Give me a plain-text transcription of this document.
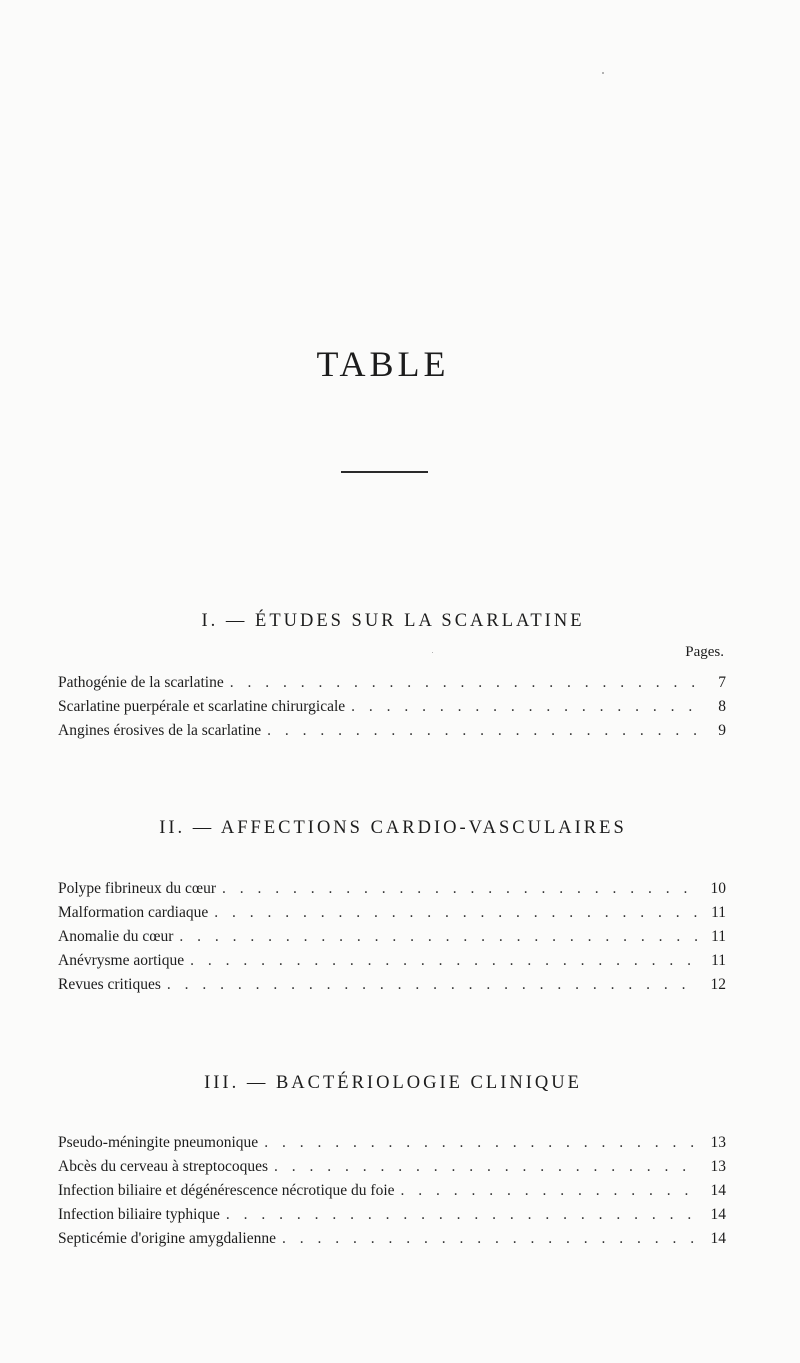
TABLE
I. — ÉTUDES SUR LA SCARLATINE
Pages.
Pathogénie de la scarlatine . . .	7
Scarlatine puerpérale et scarlatine chirurgicale . . .	8
Angines érosives de la scarlatine . . .	9
II. — AFFECTIONS CARDIO-VASCULAIRES
Polype fibrineux du cœur . . .	10
Malformation cardiaque . . .	11
Anomalie du cœur . . .	11
Anévrysme aortique . . .	11
Revues critiques . . .	12
III. — BACTÉRIOLOGIE CLINIQUE
Pseudo-méningite pneumonique . . .	13
Abcès du cerveau à streptocoques . . .	13
Infection biliaire et dégénérescence nécrotique du foie . . .	14
Infection biliaire typhique . . .	14
Septicémie d'origine amygdalienne . . .	14
